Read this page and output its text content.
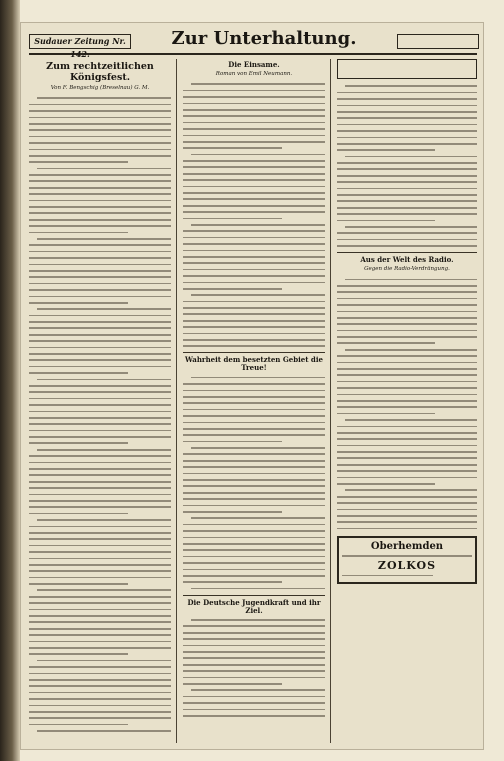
Sudauer Zeitung Nr. 142.
Zur Unterhaltung.
Zum rechtzeitlichen Königsfest.
Von F. Bengschig (Breselnau) G. M.
Die Einsame.
Roman von Emil Neumann.
Wahrheit dem besetzten Gebiet die Treue!
Die Deutsche Jugendkraft und ihr Ziel.
Aus der Welt des Radio.
Gegen die Radio-Verdrängung.
Oberhemden
ZOLKOS
